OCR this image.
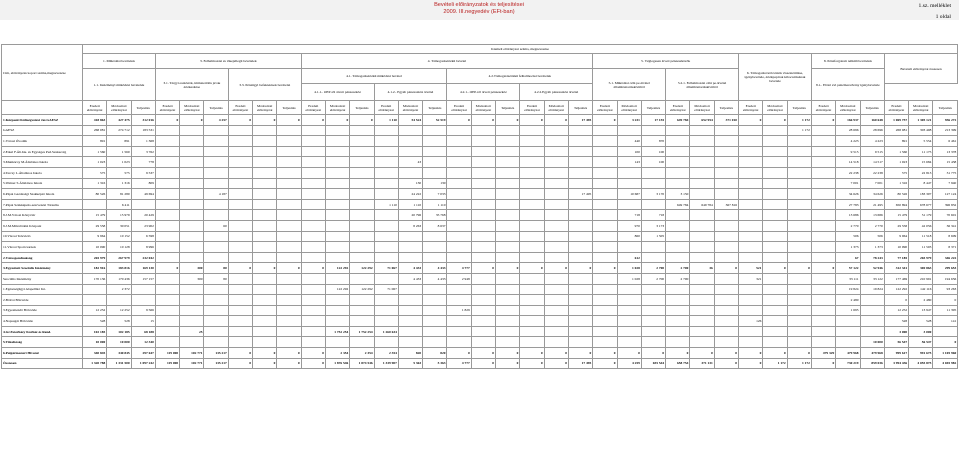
Bevételi előirányzatok és teljesítései
2009. III.negyedév (EFt-ban)
1.sz. melléklet
1 oldal
Cím, előirányzatcsoport száma,megnevezése	Kiemelt előirányzat száma, megnevezése																																				
	1. Működési bevételek			3. Felhalmozási és tőkejellegű bevételek						4. Támogatásértékű bevétel												5. Véglegesen átvett pénzeszközök						6. Támogatási kölcsönök visszatérülése, igénybevétele, értékpapírok kibocsátásának bevétele			8. Pénzforgalom nélküli bevételek			Bevételi előirányzat összesen			
	1.1. Intézményi működési bevételek			3.1. Tárgyi eszközök, immateriális javak értékesítése			3.3. Pénzügyi befektetések bevételei			4.1. Támogatásértékű működési bevétel						4.2.Támogatásértékű felhalmozási bevételek						5.1. Működési célú pe.átvétel államháztartáskívülről			5.2.1. Felhalmozási célú pe.átvétel államháztartáskívülről						8.1.. Előző évi pénzmaradvány igénybevétele						
										4.1.1.. OEP-től átvett pénzeszköz			4.1.2.. Egyéb pénzeszköz átvétel			4.2.1.. OEP-től átvett pénzeszköz			4.2.2.Egyéb pénzeszköz átvétel																		
	Eredeti előirányzat	Módosított előirányzat	Teljesítés	Eredeti előirányzat	Módosított előirányzat	Teljesítés	Eredeti előirányzat	Módosított előirányzat	Teljesítés	Eredeti előirányzat	Módosított előirányzat	Teljesítés	Eredeti előirányzat	Módosított előirányzat	Teljesítés	Eredeti előirányzat	Módosított előirányzat	Teljesítés	Eredeti előirányzat	Módosított előirányzat	Teljesítés	Eredeti előirányzat	Módosított előirányzat	Teljesítés	Eredeti előirányzat	Módosított előirányzat	Teljesítés	Eredeti előirányzat	Módosított előirányzat	Teljesítés	Eredeti előirányzat	Módosított előirányzat	Teljesítés	Eredeti előirányzat	Módosított előirányzat	Teljesítés	
1.Központi Költségvetési Jat.GAESZ	418 863	427 475	312 016	0	0	4 257	0	0	0	0	0	0	1 110	54 524	52 519	0	0	0	0	0	17 495	0	3 231	17 155	649 784	652 954	371 010	0	0	1 172	0	166 937	160 648	1 069 757	1 305 121	936 272	
GAESZ	268 081	274 712	183 531																											1 172		28 696	28 696	268 081	303 408	213 399	
1.Városi Óvodák	891	891	1 368																				440	870								4 223	4 223	891	5 554	6 461	
2.Erkel F.Ált.Isk. és Egységes Ped.Szakszolg	1 560	1 560	3 762																				100	100								9 515	9 515	1 560	11 175	13 378	
3.Munkácsy M.Általános Iskola	1 023	1 023	778											43									143	100								14 518	14 517	1 023	15 684	15 438	
4.Tarcsy L.Általános Iskola	575	575	9 537																													22 238	22 238	575	22 813	31 775	
5.Weiner S.Általános Iskola	1 316	1 316	809											130	130																	7 001	7 001	1 316	8 447	7 940	
6.Pápai Gazdasági Szakképző Iskola	80 526	81 280	49 694			4 187								24 222	7 033						17 495		10 687	3 170	3 150							34 626	34 626	80 526	183 307	127 124	
7.Pápai Szakképzés-szervezési Társulás		6 411											1 110	1 110	1 110										649 784	649 784	367 816					27 783	21 495	650 894	678 677	396 832	
8.J.M.Városi Könyvtár	15 479	15 979	20 429											20 796	35 768								718	718								13 686	13 686	15 479	51 179	70 601	
9.J.M.Művelődési Központ	29 558	30 051	23 902			60								8 263	8 637								970	3 173								2 770	2 770	29 558	42 056	36 341	
10.Városi Televízió	9 964	10 152	6 598																				860	1 505								506	506	9 964	11 518	8 609	
11.Városi Sportcsarnok	10 090	10 128	8 996																													1 373	1 373	10 090	11 503	8 371	
2.Városgondnokság	265 979	267 979	232 042																				612									67	78 243	77 185	265 979	346 222	
3.Egyesített Szociális Intézmény	182 916	183 816	169 130	0	300	80	0	0	0	0	122 292	122 292	71 067	4 433	4 433	4 777	0	0	0	0	0	0	1 028	2 700	2 700	36	0	521	0	0	0	57 122	52 946	312 341	369 863	299 653	
Szociális Intézmény	170 136	170 436	157 157		300	80								4 433	4 433	2 948							1 028	2 700	2 700			321				33 111	33 122	177 469	210 991	194 656	
1.Egészségügyi Alapellátó Int.		2 372									122 292	122 292	71 067																			19 824	19 824	122 292	142 116	93 263	
2.Bölcsi Bölcsőde																																2 480		0	2 480	0	
3.Egyesítendő Bölcsőde	12 252	12 252	9 566													1 829																1 695		12 252	13 947	11 395	
4.Napsugár Bölcsőde	528	528	15																									126						528	528	141	
4.Gr.Esterházy Kórház és Rend.	102 185	102 185	68 188		25						1 752 254	1 752 254	1 260 634																					3 000	3 000		
5.Tűzoltóság	10 000	10 000	12 340																														10 000	56 547	56 547	0	
6.Polgármesteri Hivatal	340 845	340 845	297 647	119 000	102 771	135 217	0	0	0	0	2 354	2 354	2 354	820	820	0	0	0	0	0	0	0	0	0	0	0	0	0	0	0	479 329	479 968	479 968	999 617	991 675	1 105 960	
Összesen	1 320 788	1 331 500	1 097 242	119 000	102 771	135 217	0	0	0	0	1 876 546	1 874 546	1 339 907	5 363	5 363	4 777	0	0	0	0	17 495	0	4 259	655 544	658 754	371 131	0	0	1 172	1 172	0	730 219	859 036	3 994 436	4 055 875	4 045 982	
